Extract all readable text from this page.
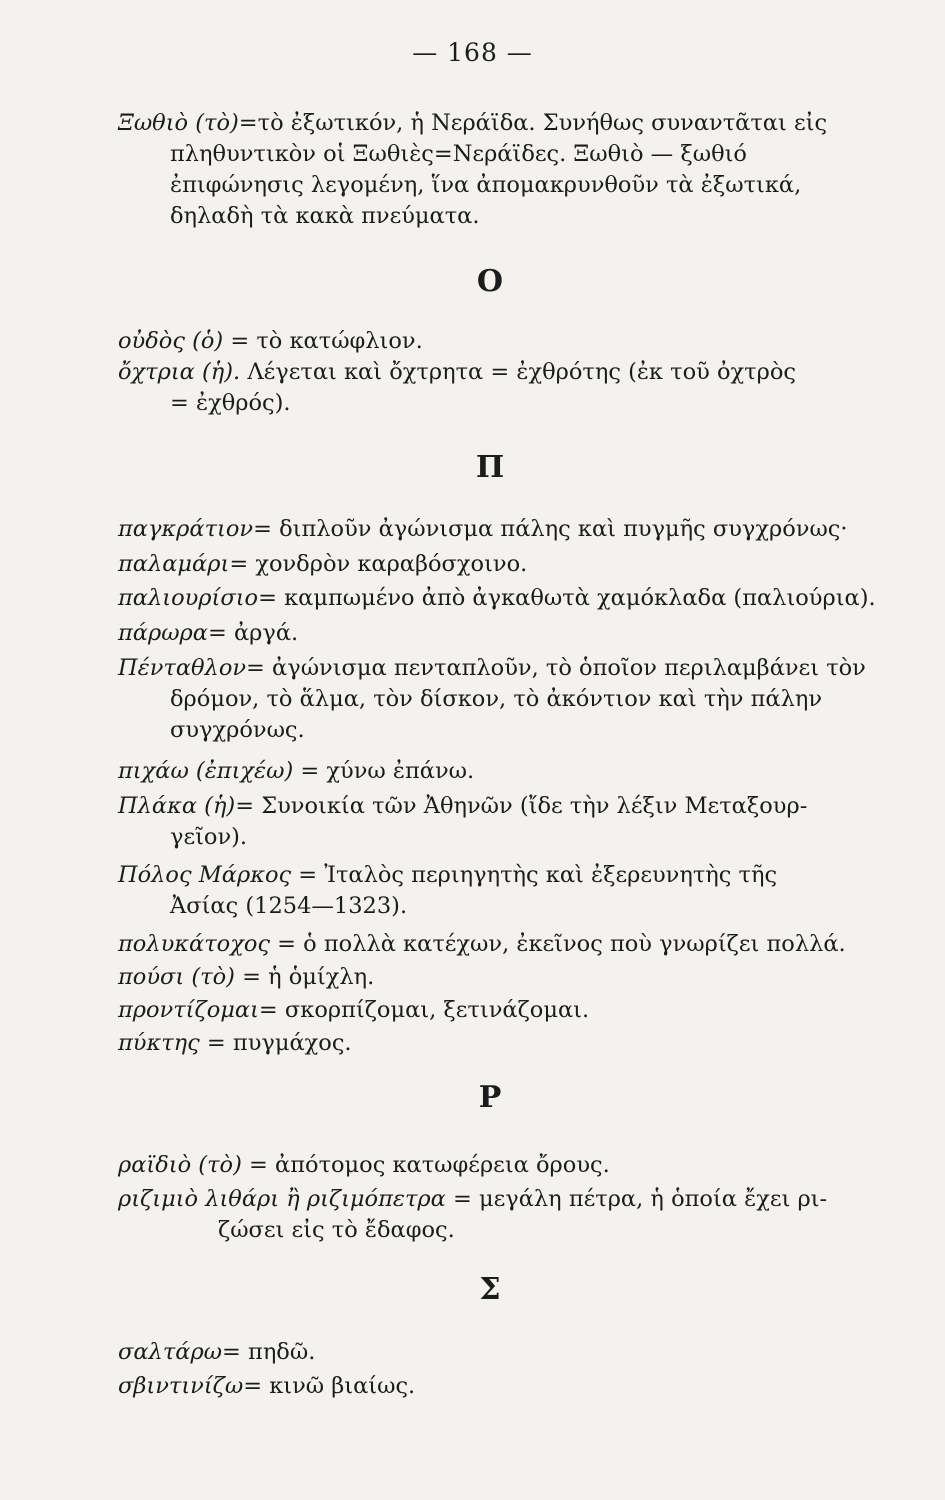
— 168 —
Ξωθιὸ (τὸ)=τὸ ἐξωτικόν, ἡ Νεράϊδα. Συνήθως συναντᾶται εἰς
πληθυντικὸν οἱ Ξωθιὲς=Νεράϊδες. Ξωθιὸ — ξωθιό
ἐπιφώνησις λεγομένη, ἵνα ἀπομακρυνθοῦν τὰ ἐξωτικά,
δηλαδὴ τὰ κακὰ πνεύματα.
Ο
οὐδὸς (ὁ) = τὸ κατώφλιον.
ὄχτρια (ἡ). Λέγεται καὶ ὄχτρητα = ἐχθρότης (ἐκ τοῦ ὀχτρὸς
= ἐχθρός).
Π
παγκράτιον= διπλοῦν ἀγώνισμα πάλης καὶ πυγμῆς συγχρόνως·
παλαμάρι= χονδρὸν καραβόσχοινο.
παλιουρίσιο= καμπωμένο ἀπὸ ἀγκαθωτὰ χαμόκλαδα (παλιούρια).
πάρωρα= ἀργά.
Πένταθλον= ἀγώνισμα πενταπλοῦν, τὸ ὁποῖον περιλαμβάνει τὸν
δρόμον, τὸ ἅλμα, τὸν δίσκον, τὸ ἀκόντιον καὶ τὴν πάλην
συγχρόνως.
πιχάω (ἐπιχέω) = χύνω ἐπάνω.
Πλάκα (ἡ)= Συνοικία τῶν Ἀθηνῶν (ἴδε τὴν λέξιν Μεταξουρ-
γεῖον).
Πόλος Μάρκος = Ἰταλὸς περιηγητὴς καὶ ἐξερευνητὴς τῆς
Ἀσίας (1254—1323).
πολυκάτοχος = ὁ πολλὰ κατέχων, ἐκεῖνος ποὺ γνωρίζει πολλά.
πούσι (τὸ) = ἡ ὁμίχλη.
προντίζομαι= σκορπίζομαι, ξετινάζομαι.
πύκτης = πυγμάχος.
Ρ
ραϊδιὸ (τὸ) = ἀπότομος κατωφέρεια ὄρους.
ριζιμιὸ λιθάρι ἢ ριζιμόπετρα = μεγάλη πέτρα, ἡ ὁποία ἔχει ρι-
ζώσει εἰς τὸ ἔδαφος.
Σ
σαλτάρω= πηδῶ.
σβιντινίζω= κινῶ βιαίως.
